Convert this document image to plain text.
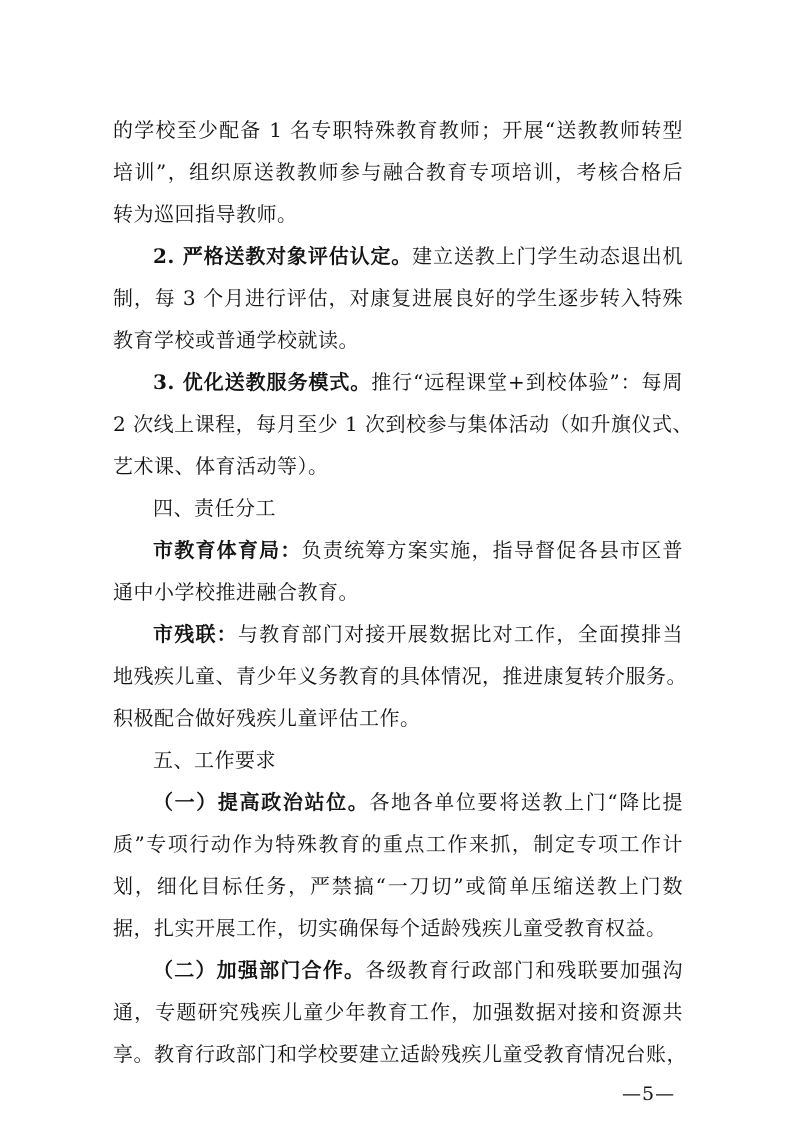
的学校至少配备 1 名专职特殊教育教师；开展“送教教师转型
培训”，组织原送教教师参与融合教育专项培训，考核合格后
转为巡回指导教师。
2. 严格送教对象评估认定。建立送教上门学生动态退出机
制，每 3 个月进行评估，对康复进展良好的学生逐步转入特殊
教育学校或普通学校就读。
3. 优化送教服务模式。推行“远程课堂+到校体验”：每周
2 次线上课程，每月至少 1 次到校参与集体活动（如升旗仪式、
艺术课、体育活动等）。
四、责任分工
市教育体育局：负责统筹方案实施，指导督促各县市区普
通中小学校推进融合教育。
市残联：与教育部门对接开展数据比对工作，全面摸排当
地残疾儿童、青少年义务教育的具体情况，推进康复转介服务。
积极配合做好残疾儿童评估工作。
五、工作要求
（一）提高政治站位。各地各单位要将送教上门“降比提
质”专项行动作为特殊教育的重点工作来抓，制定专项工作计
划，细化目标任务，严禁搞“一刀切”或简单压缩送教上门数
据，扎实开展工作，切实确保每个适龄残疾儿童受教育权益。
（二）加强部门合作。各级教育行政部门和残联要加强沟
通，专题研究残疾儿童少年教育工作，加强数据对接和资源共
享。教育行政部门和学校要建立适龄残疾儿童受教育情况台账，
—5—
